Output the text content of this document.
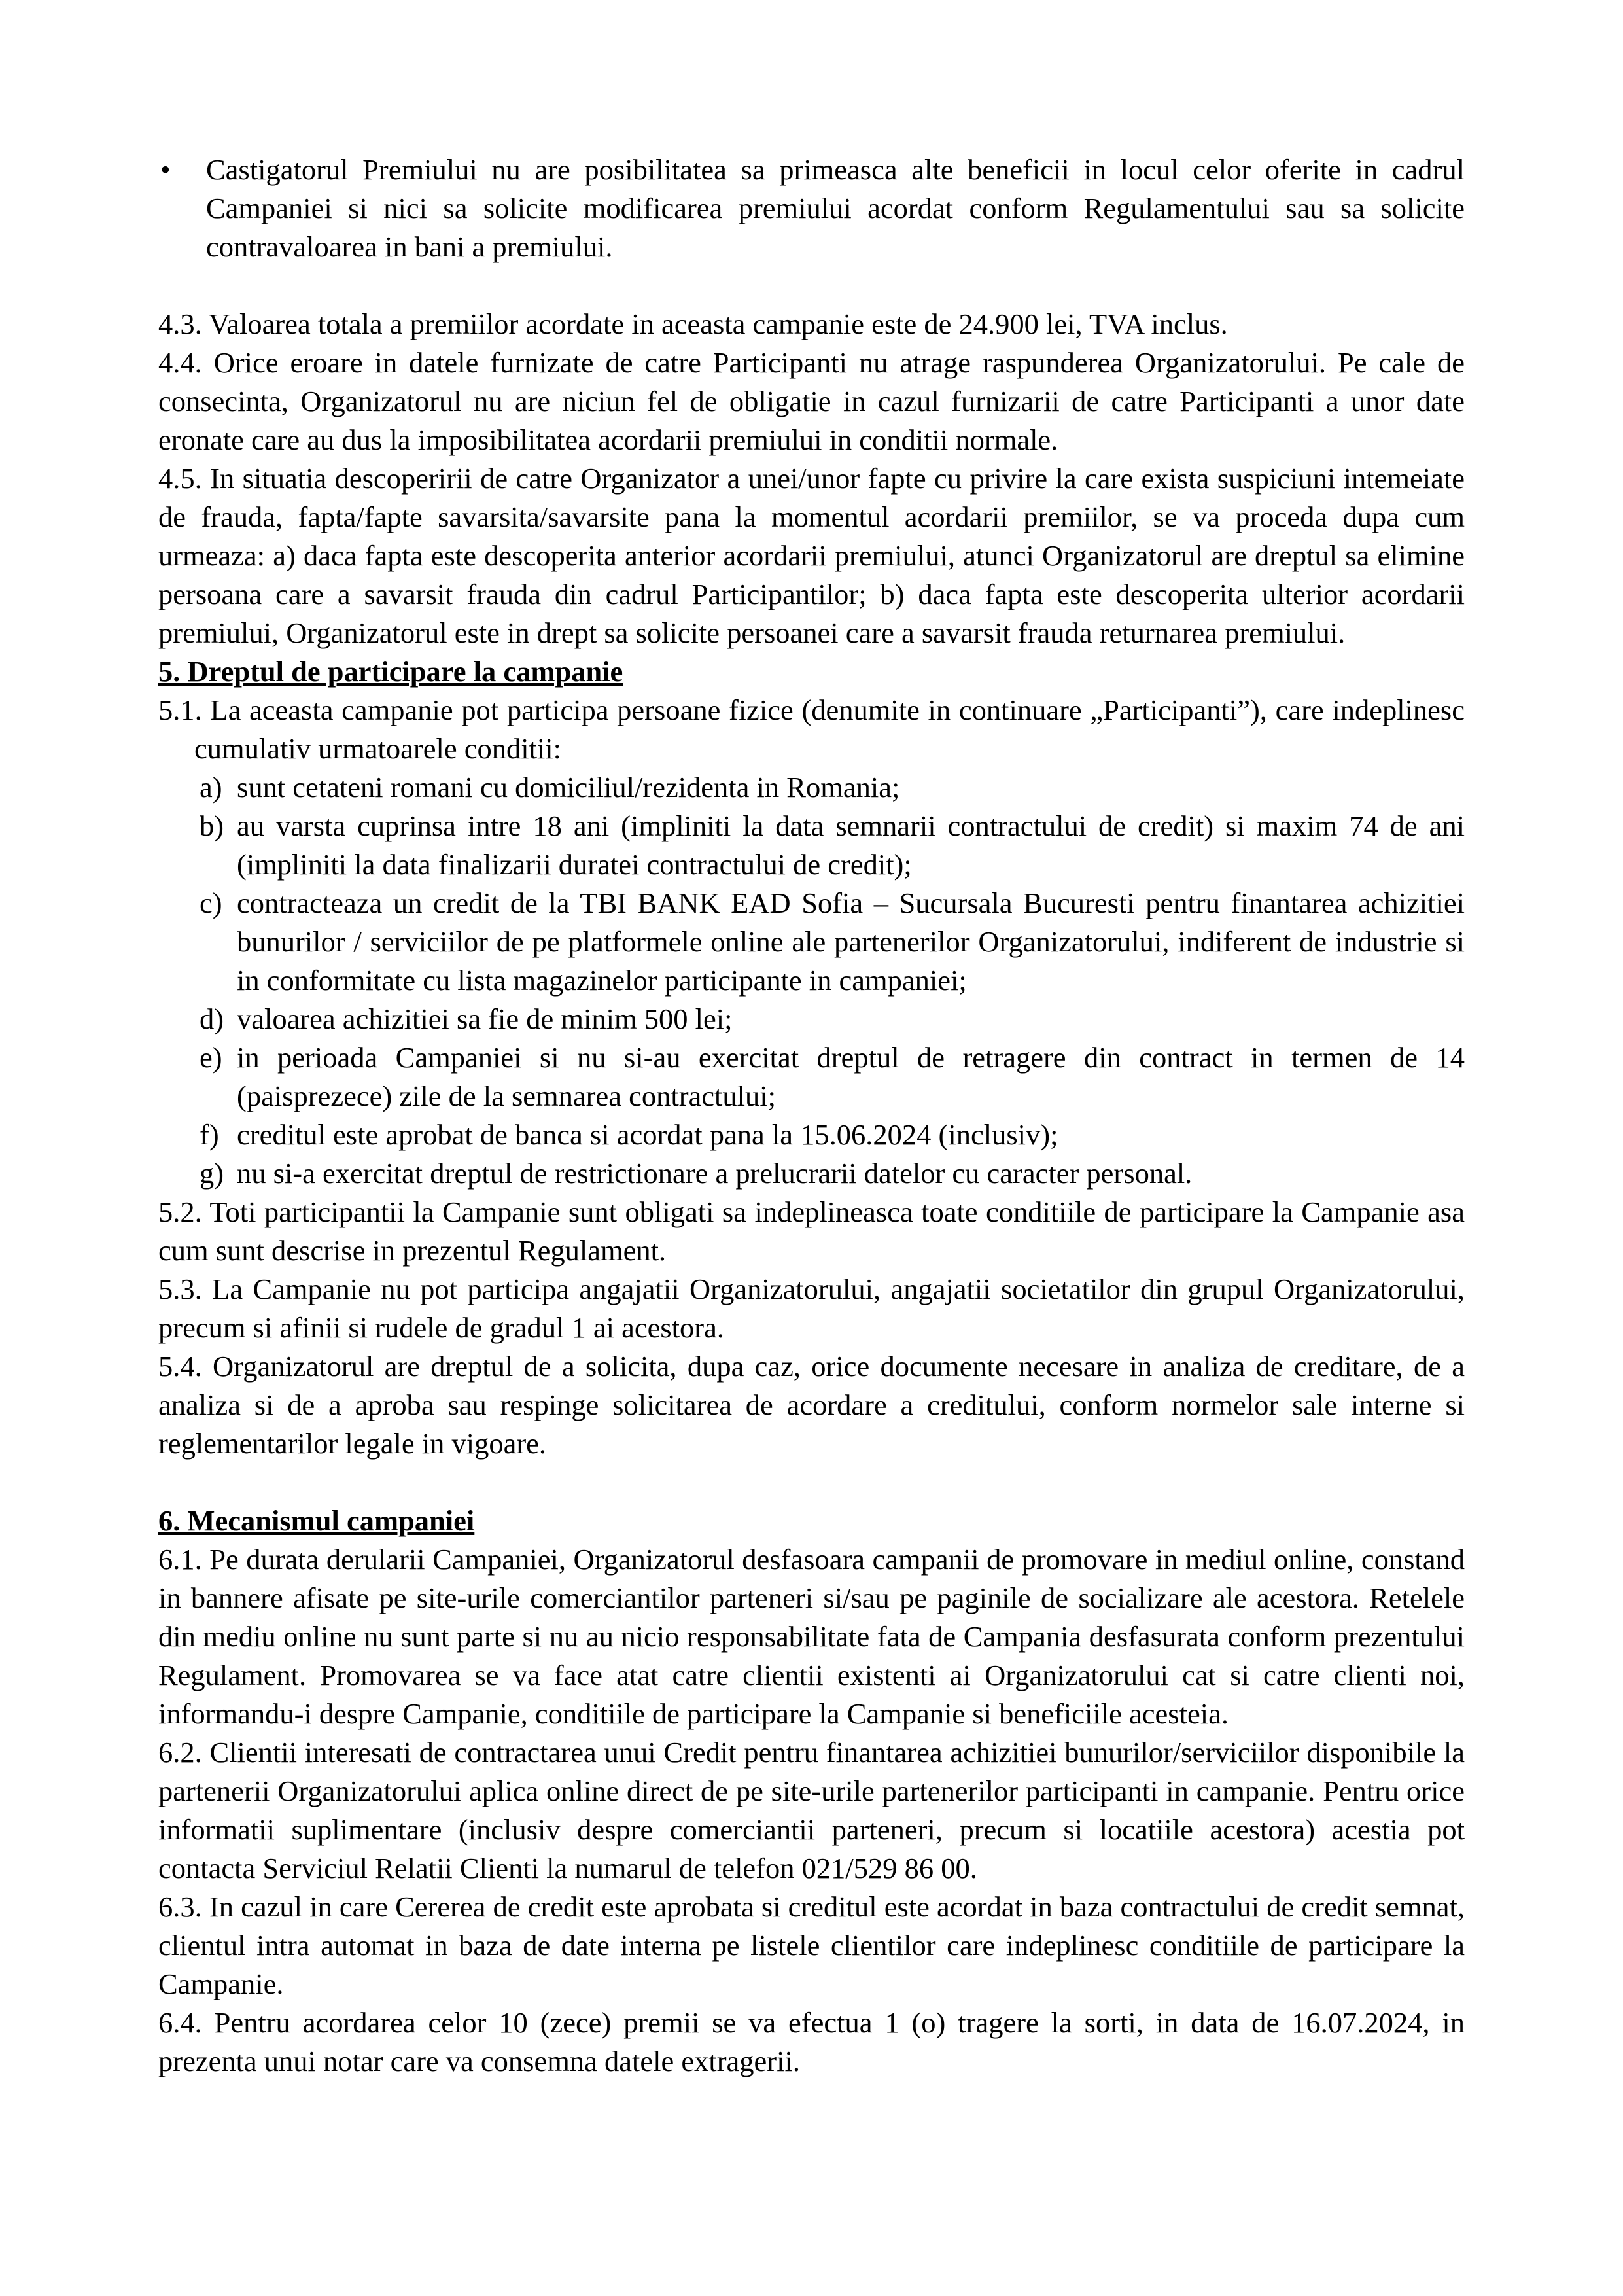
• Castigatorul Premiului nu are posibilitatea sa primeasca alte beneficii in locul celor oferite in cadrul Campaniei si nici sa solicite modificarea premiului acordat conform Regulamentului sau sa solicite contravaloarea in bani a premiului.

4.3. Valoarea totala a premiilor acordate in aceasta campanie este de 24.900 lei, TVA inclus.

4.4. Orice eroare in datele furnizate de catre Participanti nu atrage raspunderea Organizatorului. Pe cale de consecinta, Organizatorul nu are niciun fel de obligatie in cazul furnizarii de catre Participanti a unor date eronate care au dus la imposibilitatea acordarii premiului in conditii normale.

4.5. In situatia descoperirii de catre Organizator a unei/unor fapte cu privire la care exista suspiciuni intemeiate de frauda, fapta/fapte savarsita/savarsite pana la momentul acordarii premiilor, se va proceda dupa cum urmeaza: a) daca fapta este descoperita anterior acordarii premiului, atunci Organizatorul are dreptul sa elimine persoana care a savarsit frauda din cadrul Participantilor; b) daca fapta este descoperita ulterior acordarii premiului, Organizatorul este in drept sa solicite persoanei care a savarsit frauda returnarea premiului.

5. Dreptul de participare la campanie

5.1. La aceasta campanie pot participa persoane fizice (denumite in continuare „Participanti”), care indeplinesc cumulativ urmatoarele conditii:

a) sunt cetateni romani cu domiciliul/rezidenta in Romania;
b) au varsta cuprinsa intre 18 ani (impliniti la data semnarii contractului de credit) si maxim 74 de ani (impliniti la data finalizarii duratei contractului de credit);
c) contracteaza un credit de la TBI BANK EAD Sofia – Sucursala Bucuresti pentru finantarea achizitiei bunurilor / serviciilor de pe platformele online ale partenerilor Organizatorului, indiferent de industrie si in conformitate cu lista magazinelor participante in campaniei;
d) valoarea achizitiei sa fie de minim 500 lei;
e) in perioada Campaniei si nu si-au exercitat dreptul de retragere din contract in termen de 14 (paisprezece) zile de la semnarea contractului;
f) creditul este aprobat de banca si acordat pana la 15.06.2024 (inclusiv);
g) nu si-a exercitat dreptul de restrictionare a prelucrarii datelor cu caracter personal.

5.2. Toti participantii la Campanie sunt obligati sa indeplineasca toate conditiile de participare la Campanie asa cum sunt descrise in prezentul Regulament.

5.3. La Campanie nu pot participa angajatii Organizatorului, angajatii societatilor din grupul Organizatorului, precum si afinii si rudele de gradul 1 ai acestora.

5.4. Organizatorul are dreptul de a solicita, dupa caz, orice documente necesare in analiza de creditare, de a analiza si de a aproba sau respinge solicitarea de acordare a creditului, conform normelor sale interne si reglementarilor legale in vigoare.

6. Mecanismul campaniei

6.1. Pe durata derularii Campaniei, Organizatorul desfasoara campanii de promovare in mediul online, constand in bannere afisate pe site-urile comerciantilor parteneri si/sau pe paginile de socializare ale acestora. Retelele din mediu online nu sunt parte si nu au nicio responsabilitate fata de Campania desfasurata conform prezentului Regulament. Promovarea se va face atat catre clientii existenti ai Organizatorului cat si catre clienti noi, informandu-i despre Campanie, conditiile de participare la Campanie si beneficiile acesteia.

6.2. Clientii interesati de contractarea unui Credit pentru finantarea achizitiei bunurilor/serviciilor disponibile la partenerii Organizatorului aplica online direct de pe site-urile partenerilor participanti in campanie. Pentru orice informatii suplimentare (inclusiv despre comerciantii parteneri, precum si locatiile acestora) acestia pot contacta Serviciul Relatii Clienti la numarul de telefon 021/529 86 00.

6.3. In cazul in care Cererea de credit este aprobata si creditul este acordat in baza contractului de credit semnat, clientul intra automat in baza de date interna pe listele clientilor care indeplinesc conditiile de participare la Campanie.

6.4. Pentru acordarea celor 10 (zece) premii se va efectua 1 (o) tragere la sorti, in data de 16.07.2024, in prezenta unui notar care va consemna datele extragerii.
